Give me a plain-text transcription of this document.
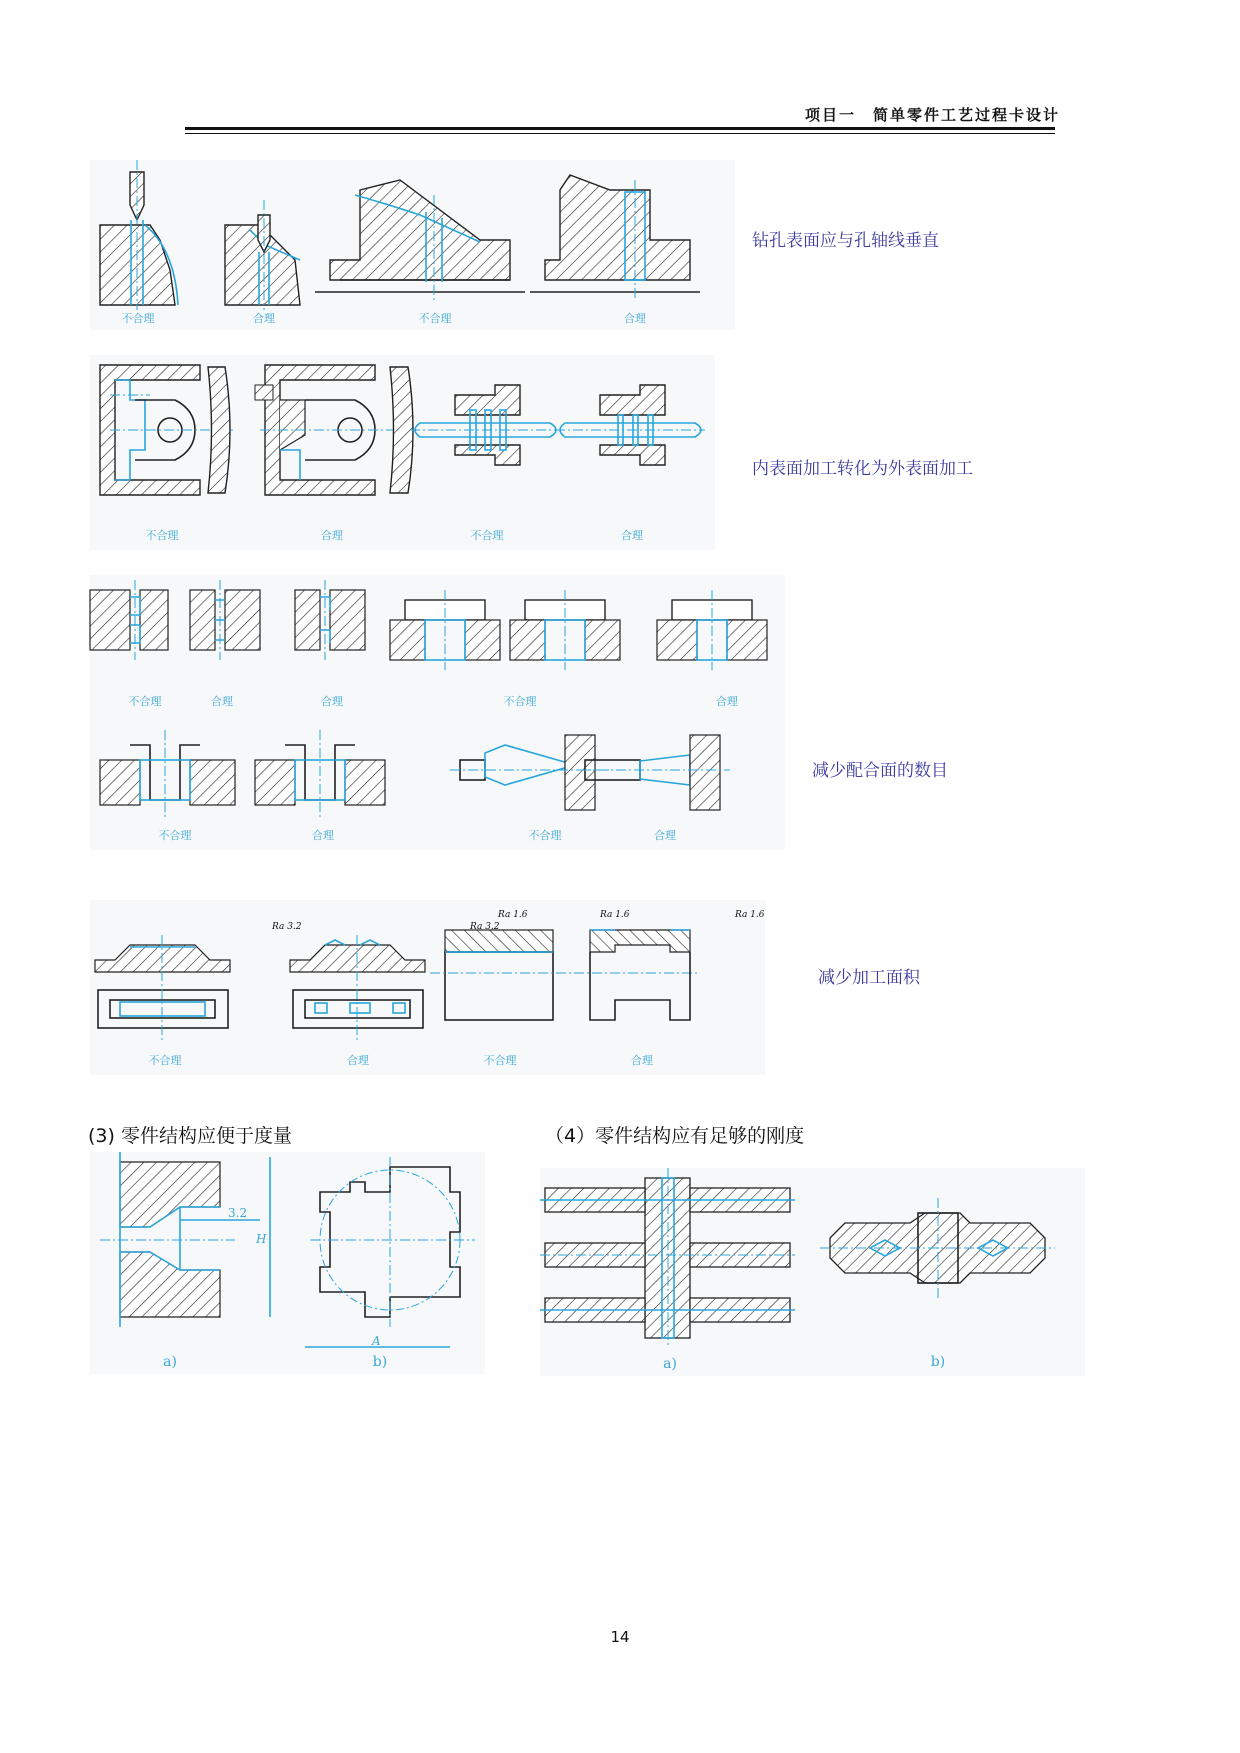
项目一　简单零件工艺过程卡设计
不合理	合理	不合理	合理
钻孔表面应与孔轴线垂直
不合理	合理	不合理	合理
内表面加工转化为外表面加工
不合理	合理	合理	不合理	合理
不合理	合理	不合理	合理
减少配合面的数目
不合理	合理	不合理	合理
Ra 3.2	Ra 3.2
Ra 1.6	Ra 1.6	Ra 1.6
减少加工面积
(3) 零件结构应便于度量
3.2
H
A
a)	b)
（4）零件结构应有足够的刚度
a)	b)
14
